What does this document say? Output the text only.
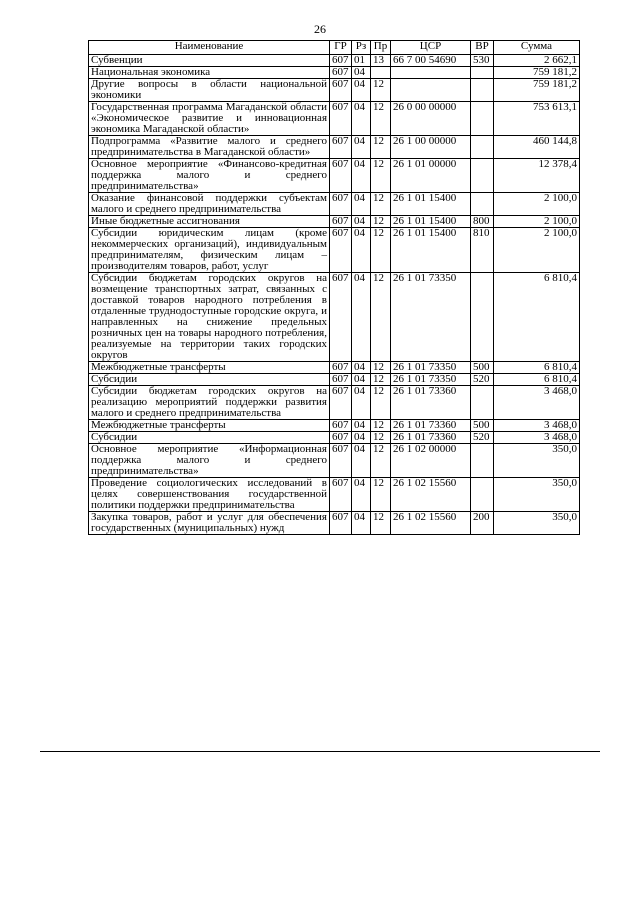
26
Наименование	ГР	Рз	Пр	ЦСР	ВР	Сумма
Субвенции	607	01	13	66 7 00 54690	530	2 662,1
Национальная экономика	607	04				759 181,2
Другие вопросы в области национальной экономики	607	04	12			759 181,2
Государственная программа Магаданской области «Экономическое развитие и инновационная экономика Магаданской области»	607	04	12	26 0 00 00000		753 613,1
Подпрограмма «Развитие малого и среднего предпринимательства в Магаданской области»	607	04	12	26 1 00 00000		460 144,8
Основное мероприятие «Финансово-кредитная поддержка малого и среднего предпринимательства»	607	04	12	26 1 01 00000		12 378,4
Оказание финансовой поддержки субъектам малого и среднего предпринимательства	607	04	12	26 1 01 15400		2 100,0
Иные бюджетные ассигнования	607	04	12	26 1 01 15400	800	2 100,0
Субсидии юридическим лицам (кроме некоммерческих организаций), индивидуальным предпринимателям, физическим лицам – производителям товаров, работ, услуг	607	04	12	26 1 01 15400	810	2 100,0
Субсидии бюджетам городских округов на возмещение транспортных затрат, связанных с доставкой товаров народного потребления в отдаленные труднодоступные городские округа, и направленных на снижение предельных розничных цен на товары народного потребления, реализуемые на территории таких городских округов	607	04	12	26 1 01 73350		6 810,4
Межбюджетные трансферты	607	04	12	26 1 01 73350	500	6 810,4
Субсидии	607	04	12	26 1 01 73350	520	6 810,4
Субсидии бюджетам городских округов на реализацию мероприятий поддержки развития малого и среднего предпринимательства	607	04	12	26 1 01 73360		3 468,0
Межбюджетные трансферты	607	04	12	26 1 01 73360	500	3 468,0
Субсидии	607	04	12	26 1 01 73360	520	3 468,0
Основное мероприятие «Информационная поддержка малого и среднего предпринимательства»	607	04	12	26 1 02 00000		350,0
Проведение социологических исследований в целях совершенствования государственной политики поддержки предпринимательства	607	04	12	26 1 02 15560		350,0
Закупка товаров, работ и услуг для обеспечения государственных (муниципальных) нужд	607	04	12	26 1 02 15560	200	350,0
